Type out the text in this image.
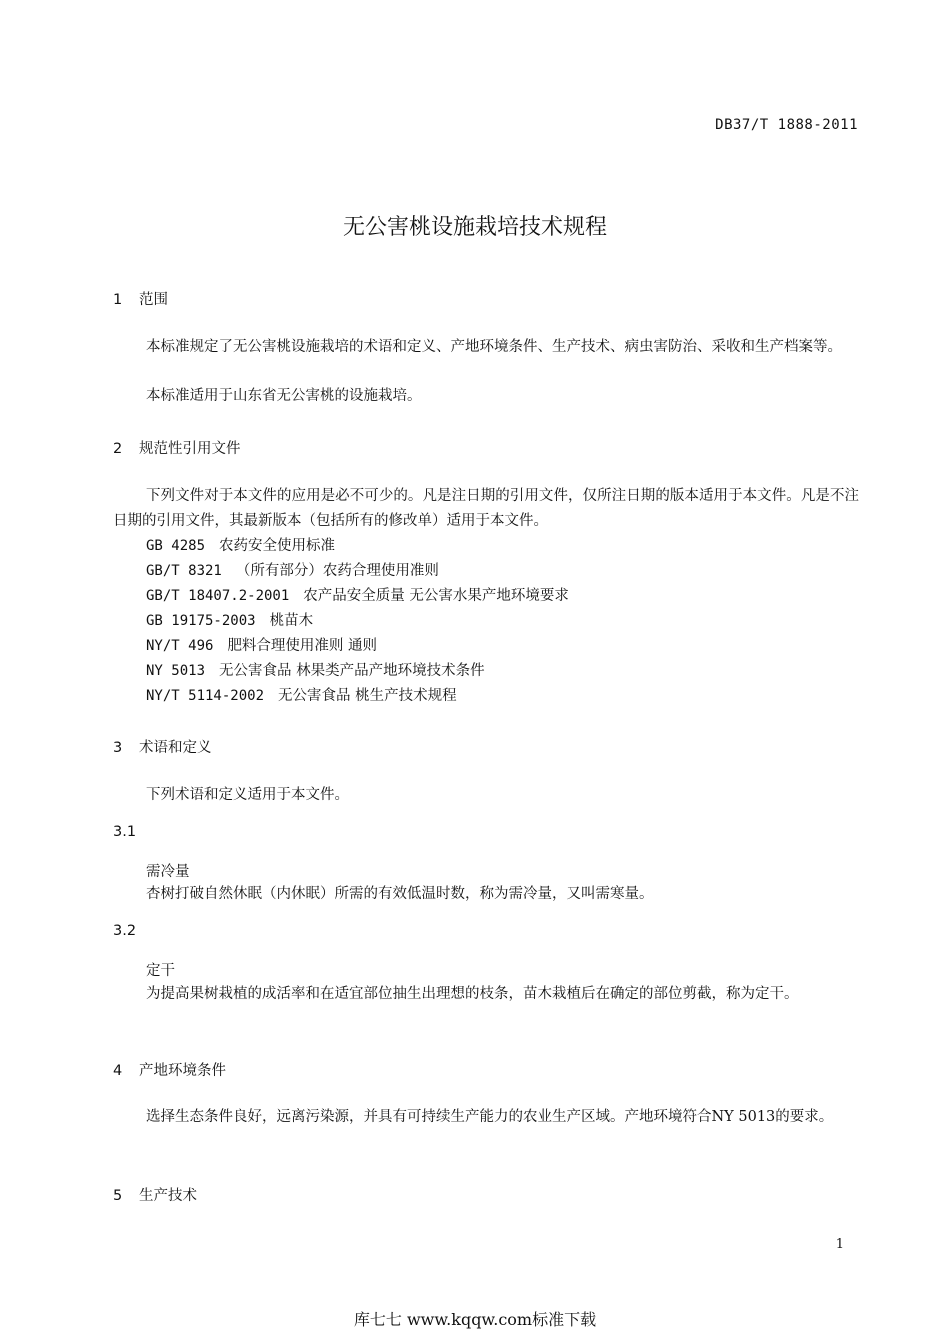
DB37/T 1888-2011
无公害桃设施栽培技术规程
1 范围
本标准规定了无公害桃设施栽培的术语和定义、产地环境条件、生产技术、病虫害防治、采收和生产档案等。
本标准适用于山东省无公害桃的设施栽培。
2 规范性引用文件
下列文件对于本文件的应用是必不可少的。凡是注日期的引用文件，仅所注日期的版本适用于本文件。凡是不注日期的引用文件，其最新版本（包括所有的修改单）适用于本文件。
GB 4285 农药安全使用标准
GB/T 8321 （所有部分）农药合理使用准则
GB/T 18407.2-2001 农产品安全质量 无公害水果产地环境要求
GB 19175-2003 桃苗木
NY/T 496 肥料合理使用准则 通则
NY 5013 无公害食品 林果类产品产地环境技术条件
NY/T 5114-2002 无公害食品 桃生产技术规程
3 术语和定义
下列术语和定义适用于本文件。
3.1
需冷量
杏树打破自然休眠（内休眠）所需的有效低温时数，称为需冷量，又叫需寒量。
3.2
定干
为提高果树栽植的成活率和在适宜部位抽生出理想的枝条，苗木栽植后在确定的部位剪截，称为定干。
4 产地环境条件
选择生态条件良好，远离污染源，并具有可持续生产能力的农业生产区域。产地环境符合NY 5013的要求。
5 生产技术
1
库七七 www.kqqw.com标准下载
